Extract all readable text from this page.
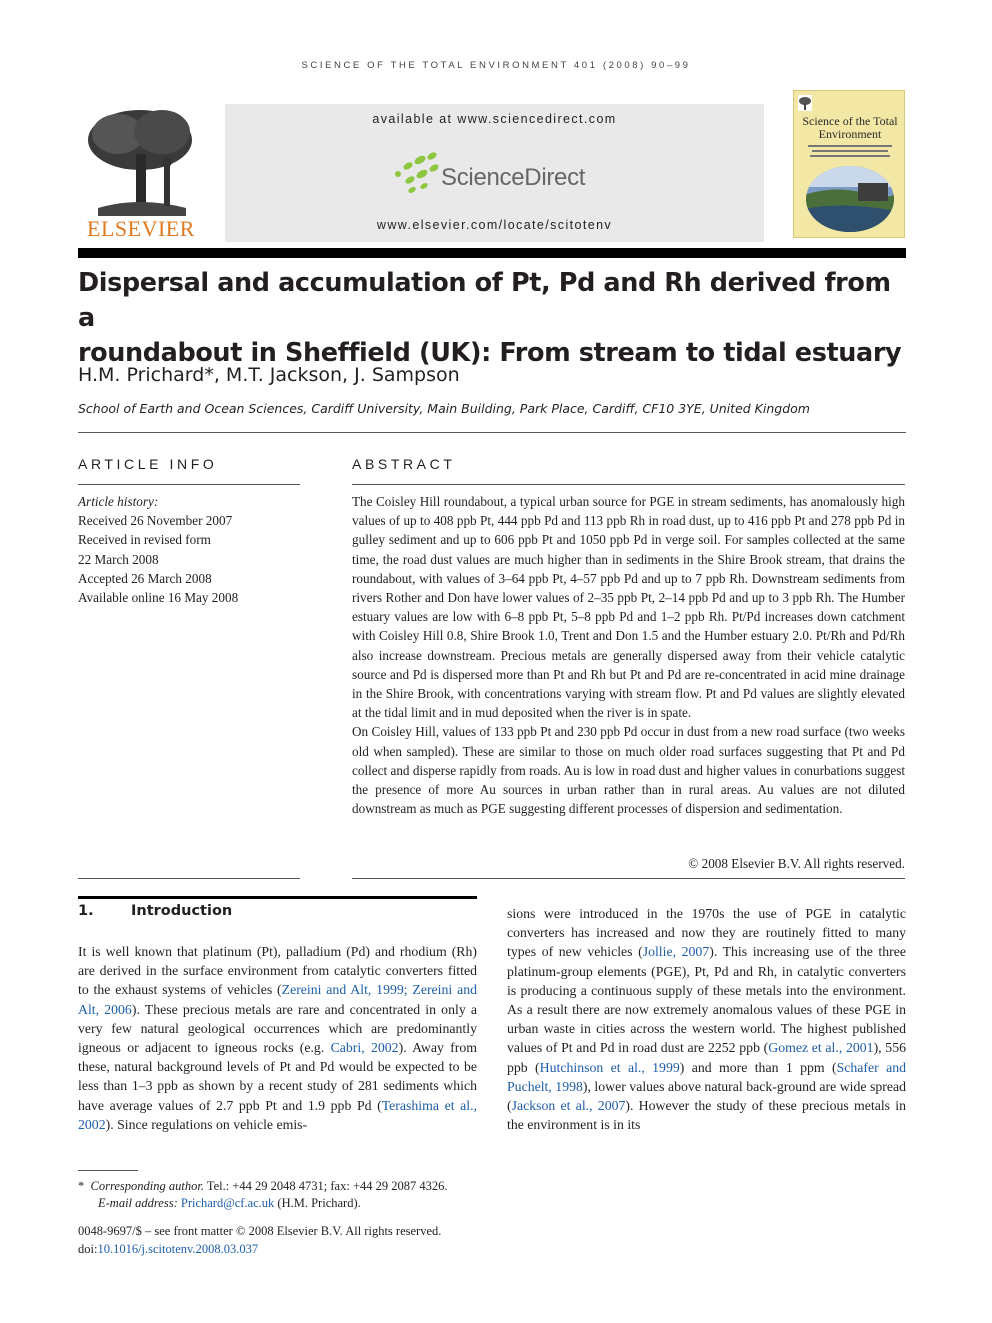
SCIENCE OF THE TOTAL ENVIRONMENT 401 (2008) 90–99
ELSEVIER
available at www.sciencedirect.com
ScienceDirect
www.elsevier.com/locate/scitotenv
Science of the Total Environment
Dispersal and accumulation of Pt, Pd and Rh derived from a
roundabout in Sheffield (UK): From stream to tidal estuary
H.M. Prichard*, M.T. Jackson, J. Sampson
School of Earth and Ocean Sciences, Cardiff University, Main Building, Park Place, Cardiff, CF10 3YE, United Kingdom
ARTICLE INFO	ABSTRACT
Article history:
Received 26 November 2007
Received in revised form
22 March 2008
Accepted 26 March 2008
Available online 16 May 2008

The Coisley Hill roundabout, a typical urban source for PGE in stream sediments, has anomalously high values of up to 408 ppb Pt, 444 ppb Pd and 113 ppb Rh in road dust, up to 416 ppb Pt and 278 ppb Pd in gulley sediment and up to 606 ppb Pt and 1050 ppb Pd in verge soil. For samples collected at the same time, the road dust values are much higher than in sediments in the Shire Brook stream, that drains the roundabout, with values of 3–64 ppb Pt, 4–57 ppb Pd and up to 7 ppb Rh. Downstream sediments from rivers Rother and Don have lower values of 2–35 ppb Pt, 2–14 ppb Pd and up to 3 ppb Rh. The Humber estuary values are low with 6–8 ppb Pt, 5–8 ppb Pd and 1–2 ppb Rh. Pt/Pd increases down catchment with Coisley Hill 0.8, Shire Brook 1.0, Trent and Don 1.5 and the Humber estuary 2.0. Pt/Rh and Pd/Rh also increase downstream. Precious metals are generally dispersed away from their vehicle catalytic source and Pd is dispersed more than Pt and Rh but Pt and Pd are re-concentrated in acid mine drainage in the Shire Brook, with concentrations varying with stream flow. Pt and Pd values are slightly elevated at the tidal limit and in mud deposited when the river is in spate.

On Coisley Hill, values of 133 ppb Pt and 230 ppb Pd occur in dust from a new road surface (two weeks old when sampled). These are similar to those on much older road surfaces suggesting that Pt and Pd collect and disperse rapidly from roads. Au is low in road dust and higher values in conurbations suggest the presence of more Au sources in urban rather than in rural areas. Au values are not diluted downstream as much as PGE suggesting different processes of dispersion and sedimentation.

© 2008 Elsevier B.V. All rights reserved.
1.	Introduction
It is well known that platinum (Pt), palladium (Pd) and rhodium (Rh) are derived in the surface environment from catalytic converters fitted to the exhaust systems of vehicles (Zereini and Alt, 1999; Zereini and Alt, 2006). These precious metals are rare and concentrated in only a very few natural geological occurrences which are predominantly igneous or adjacent to igneous rocks (e.g. Cabri, 2002). Away from these, natural background levels of Pt and Pd would be expected to be less than 1–3 ppb as shown by a recent study of 281 sediments which have average values of 2.7 ppb Pt and 1.9 ppb Pd (Terashima et al., 2002). Since regulations on vehicle emis-
sions were introduced in the 1970s the use of PGE in catalytic converters has increased and now they are routinely fitted to many types of new vehicles (Jollie, 2007). This increasing use of the three platinum-group elements (PGE), Pt, Pd and Rh, in catalytic converters is producing a continuous supply of these metals into the environment. As a result there are now extremely anomalous values of these PGE in urban waste in cities across the western world. The highest published values of Pt and Pd in road dust are 2252 ppb (Gomez et al., 2001), 556 ppb (Hutchinson et al., 1999) and more than 1 ppm (Schafer and Puchelt, 1998), lower values above natural back-ground are wide spread (Jackson et al., 2007). However the study of these precious metals in the environment is in its
* Corresponding author. Tel.: +44 29 2048 4731; fax: +44 29 2087 4326.
E-mail address: Prichard@cf.ac.uk (H.M. Prichard).
0048-9697/$ – see front matter © 2008 Elsevier B.V. All rights reserved.
doi:10.1016/j.scitotenv.2008.03.037
